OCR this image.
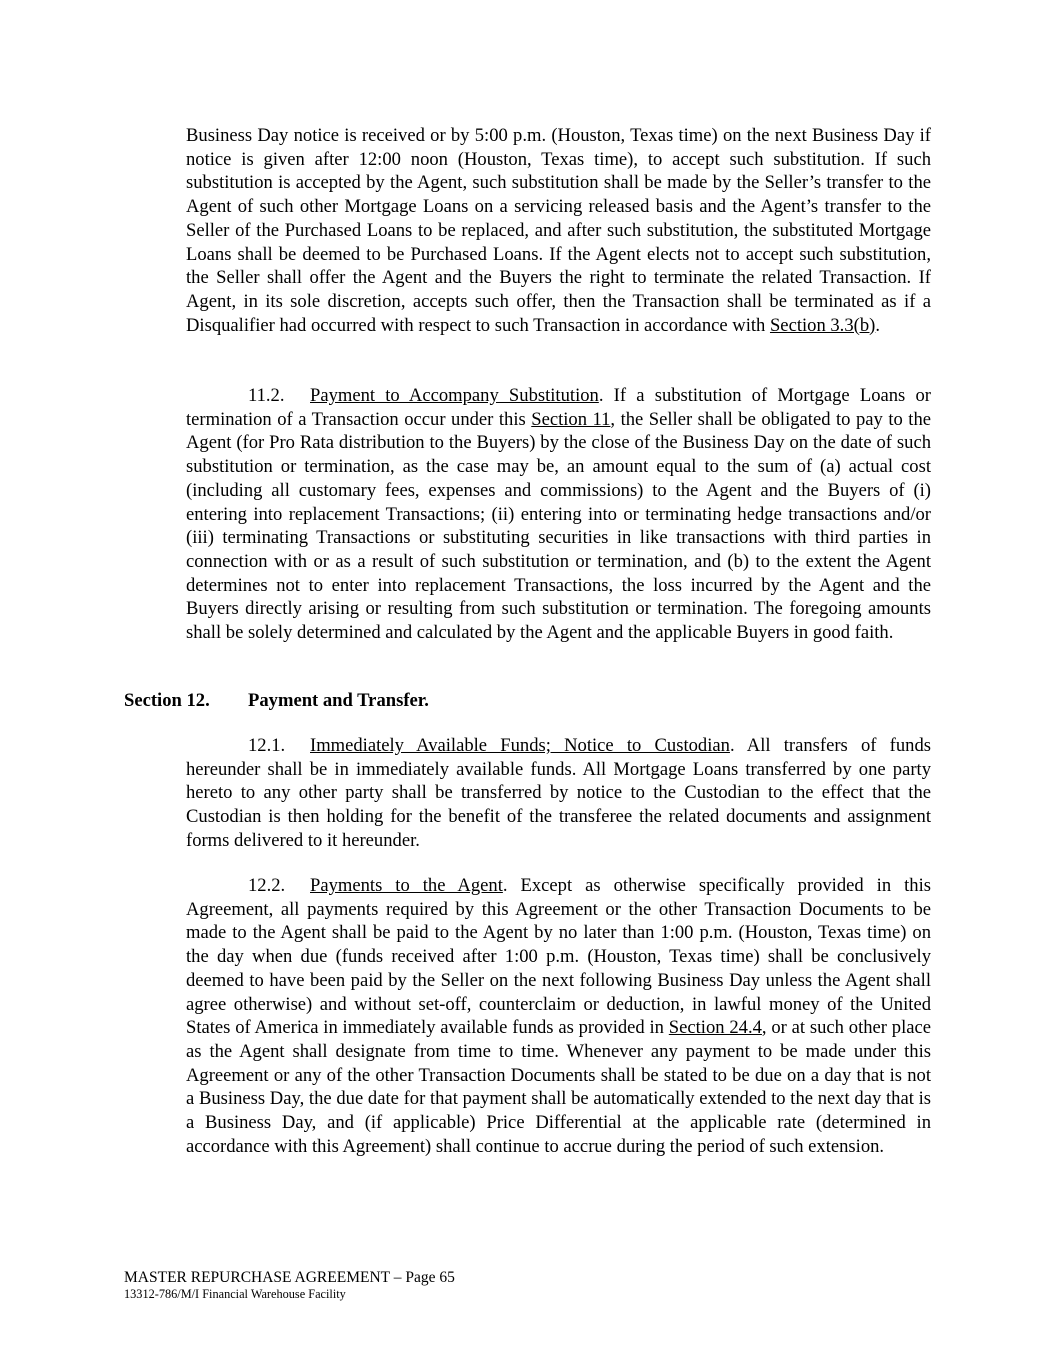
Business Day notice is received or by 5:00 p.m. (Houston, Texas time) on the next Business Day if notice is given after 12:00 noon (Houston, Texas time), to accept such substitution. If such substitution is accepted by the Agent, such substitution shall be made by the Seller’s transfer to the Agent of such other Mortgage Loans on a servicing released basis and the Agent’s transfer to the Seller of the Purchased Loans to be replaced, and after such substitution, the substituted Mortgage Loans shall be deemed to be Purchased Loans. If the Agent elects not to accept such substitution, the Seller shall offer the Agent and the Buyers the right to terminate the related Transaction. If Agent, in its sole discretion, accepts such offer, then the Transaction shall be terminated as if a Disqualifier had occurred with respect to such Transaction in accordance with Section 3.3(b).

11.2. Payment to Accompany Substitution. If a substitution of Mortgage Loans or termination of a Transaction occur under this Section 11, the Seller shall be obligated to pay to the Agent (for Pro Rata distribution to the Buyers) by the close of the Business Day on the date of such substitution or termination, as the case may be, an amount equal to the sum of (a) actual cost (including all customary fees, expenses and commissions) to the Agent and the Buyers of (i) entering into replacement Transactions; (ii) entering into or terminating hedge transactions and/or (iii) terminating Transactions or substituting securities in like transactions with third parties in connection with or as a result of such substitution or termination, and (b) to the extent the Agent determines not to enter into replacement Transactions, the loss incurred by the Agent and the Buyers directly arising or resulting from such substitution or termination. The foregoing amounts shall be solely determined and calculated by the Agent and the applicable Buyers in good faith.

Section 12. Payment and Transfer.

12.1. Immediately Available Funds; Notice to Custodian. All transfers of funds hereunder shall be in immediately available funds. All Mortgage Loans transferred by one party hereto to any other party shall be transferred by notice to the Custodian to the effect that the Custodian is then holding for the benefit of the transferee the related documents and assignment forms delivered to it hereunder.

12.2. Payments to the Agent. Except as otherwise specifically provided in this Agreement, all payments required by this Agreement or the other Transaction Documents to be made to the Agent shall be paid to the Agent by no later than 1:00 p.m. (Houston, Texas time) on the day when due (funds received after 1:00 p.m. (Houston, Texas time) shall be conclusively deemed to have been paid by the Seller on the next following Business Day unless the Agent shall agree otherwise) and without set-off, counterclaim or deduction, in lawful money of the United States of America in immediately available funds as provided in Section 24.4, or at such other place as the Agent shall designate from time to time. Whenever any payment to be made under this Agreement or any of the other Transaction Documents shall be stated to be due on a day that is not a Business Day, the due date for that payment shall be automatically extended to the next day that is a Business Day, and (if applicable) Price Differential at the applicable rate (determined in accordance with this Agreement) shall continue to accrue during the period of such extension.

MASTER REPURCHASE AGREEMENT – Page 65
13312-786/M/I Financial Warehouse Facility
